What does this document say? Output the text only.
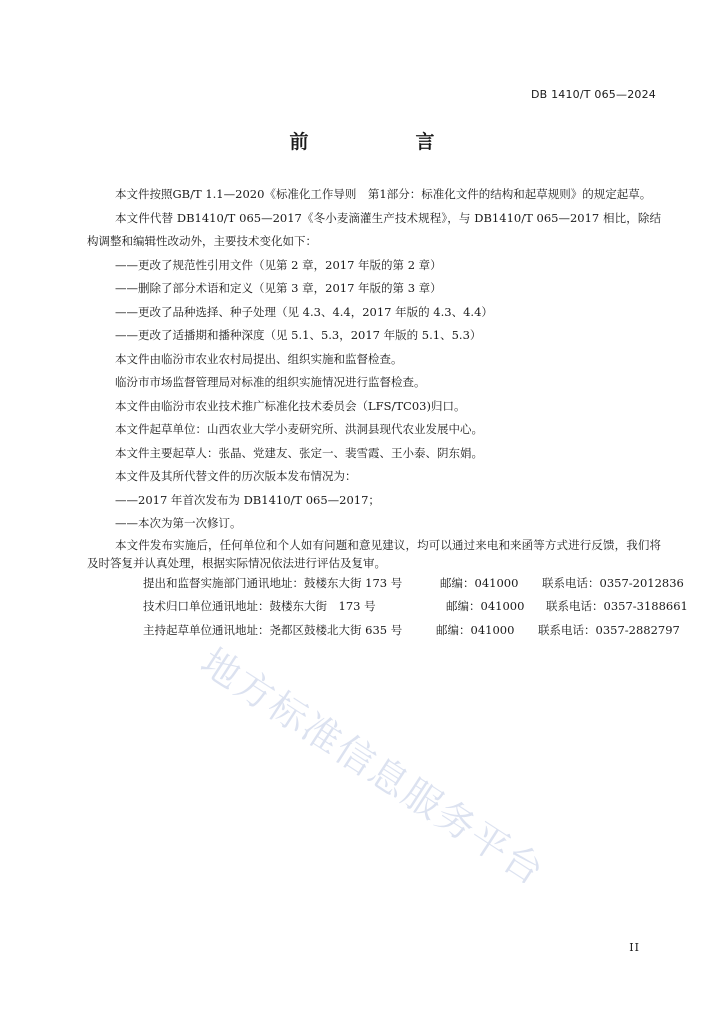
DB 1410/T 065—2024
前　言

本文件按照GB/T 1.1—2020《标准化工作导则　第1部分：标准化文件的结构和起草规则》的规定起草。

本文件代替 DB1410/T 065—2017《冬小麦滴灌生产技术规程》，与 DB1410/T 065—2017 相比，除结构调整和编辑性改动外，主要技术变化如下：

——更改了规范性引用文件（见第 2 章，2017 年版的第 2 章）

——删除了部分术语和定义（见第 3 章，2017 年版的第 3 章）

——更改了品种选择、种子处理（见 4.3、4.4，2017 年版的 4.3、4.4）

——更改了适播期和播种深度（见 5.1、5.3，2017 年版的 5.1、5.3）

本文件由临汾市农业农村局提出、组织实施和监督检查。

临汾市市场监督管理局对标准的组织实施情况进行监督检查。

本文件由临汾市农业技术推广标准化技术委员会（LFS/TC03)归口。

本文件起草单位：山西农业大学小麦研究所、洪洞县现代农业发展中心。

本文件主要起草人：张晶、党建友、张定一、裴雪霞、王小泰、阴东娟。

本文件及其所代替文件的历次版本发布情况为：

——2017 年首次发布为 DB1410/T 065—2017；

——本次为第一次修订。

本文件发布实施后，任何单位和个人如有问题和意见建议，均可以通过来电和来函等方式进行反馈，我们将及时答复并认真处理，根据实际情况依法进行评估及复审。

提出和监督实施部门通讯地址：鼓楼东大街 173 号	邮编：041000 联系电话：0357-2012836

技术归口单位通讯地址：鼓楼东大街　173 号	邮编：041000 联系电话：0357-3188661

主持起草单位通讯地址：尧都区鼓楼北大街 635 号	邮编：041000 联系电话：0357-2882797

地方标准信息服务平台
II
